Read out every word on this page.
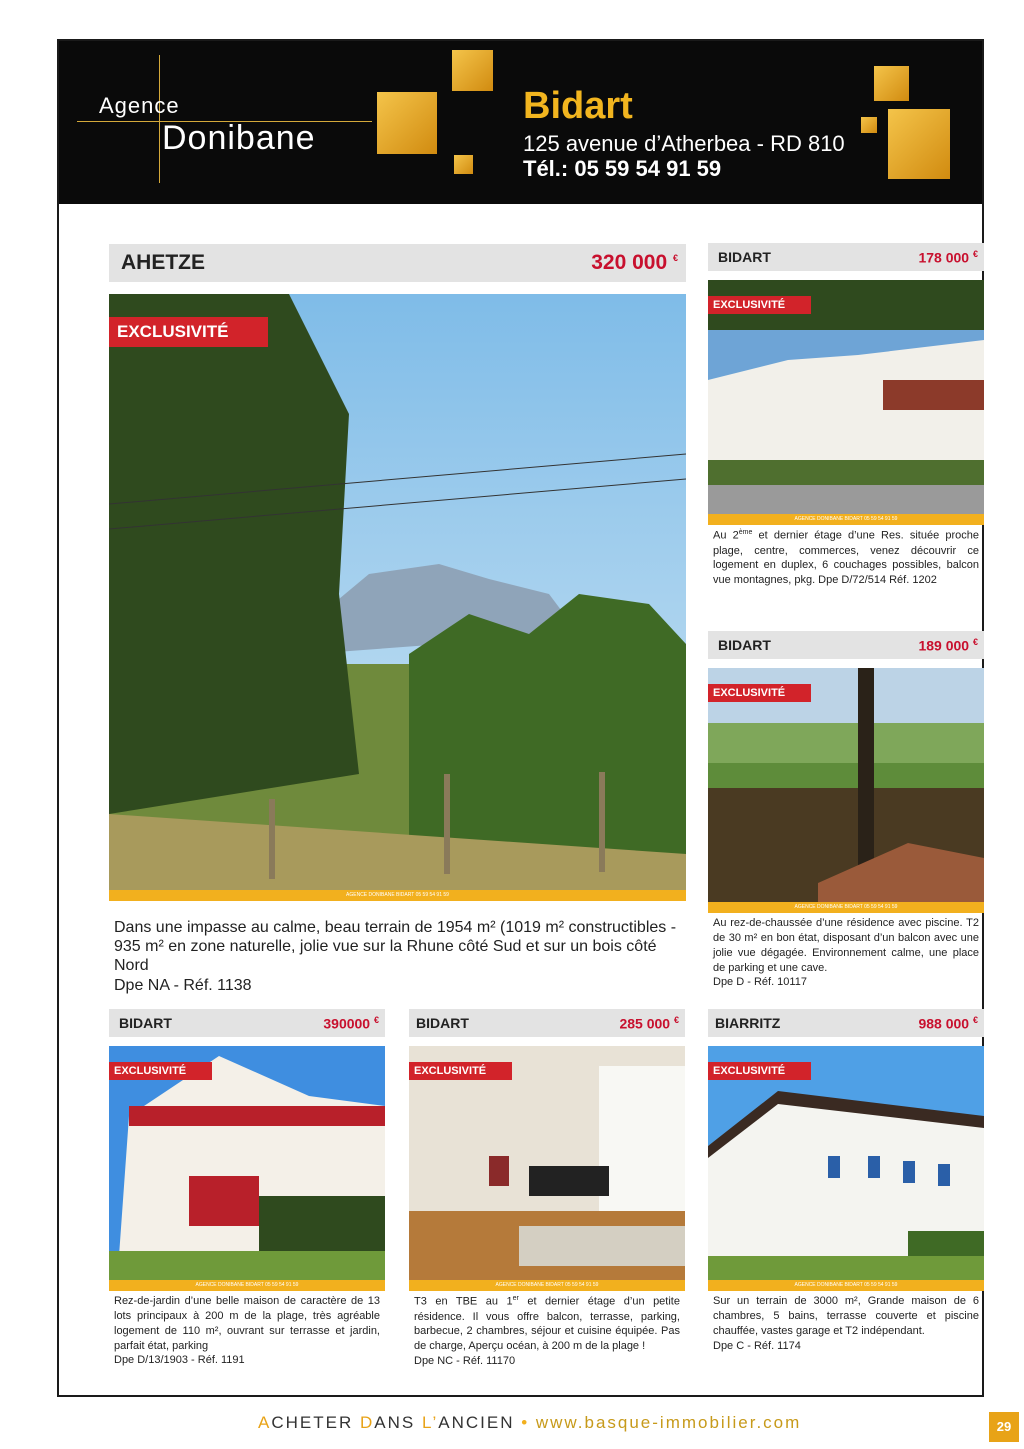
Agence
Donibane
Bidart
125 avenue d’Atherbea - RD 810
Tél.: 05 59 54 91 59
AHETZE	320 000 €
EXCLUSIVITÉ
AGENCE DONIBANE BIDART 05 59 54 91 59
Dans une impasse au calme, beau terrain de 1954 m² (1019 m² constructibles - 935 m² en zone naturelle, jolie vue sur la Rhune côté Sud et sur un bois côté Nord
Dpe NA - Réf. 1138
BIDART	178 000 €
EXCLUSIVITÉ
AGENCE DONIBANE BIDART 05 59 54 91 59
Au 2ème et dernier étage d’une Res. située proche plage, centre, commerces, venez découvrir ce logement en duplex, 6 couchages possibles, balcon vue montagnes, pkg. Dpe D/72/514 Réf. 1202
BIDART	189 000 €
EXCLUSIVITÉ
AGENCE DONIBANE BIDART 05 59 54 91 59
Au rez-de-chaussée d’une résidence avec piscine. T2 de 30 m² en bon état, disposant d’un balcon avec une jolie vue dégagée. Environnement calme, une place de parking et une cave.
Dpe D - Réf. 10117
BIDART	390000 €
EXCLUSIVITÉ
AGENCE DONIBANE BIDART 05 59 54 91 59
Rez-de-jardin d’une belle maison de caractère de 13 lots principaux à 200 m de la plage, très agréable logement de 110 m², ouvrant sur terrasse et jardin, parfait état, parking
Dpe D/13/1903 - Réf. 1191
BIDART	285 000 €
EXCLUSIVITÉ
AGENCE DONIBANE BIDART 05 59 54 91 59
T3 en TBE au 1er et dernier étage d’un petite résidence. Il vous offre balcon, terrasse, parking, barbecue, 2 chambres, séjour et cuisine équipée. Pas de charge, Aperçu océan, à 200 m de la plage !
Dpe NC - Réf. 11170
BIARRITZ	988 000 €
EXCLUSIVITÉ
AGENCE DONIBANE BIDART 05 59 54 91 59
Sur un terrain de 3000 m², Grande maison de 6 chambres, 5 bains, terrasse couverte et piscine chauffée, vastes garage et T2 indépendant.
Dpe C - Réf. 1174
ACHETER DANS L’ANCIEN • www.basque-immobilier.com	29
